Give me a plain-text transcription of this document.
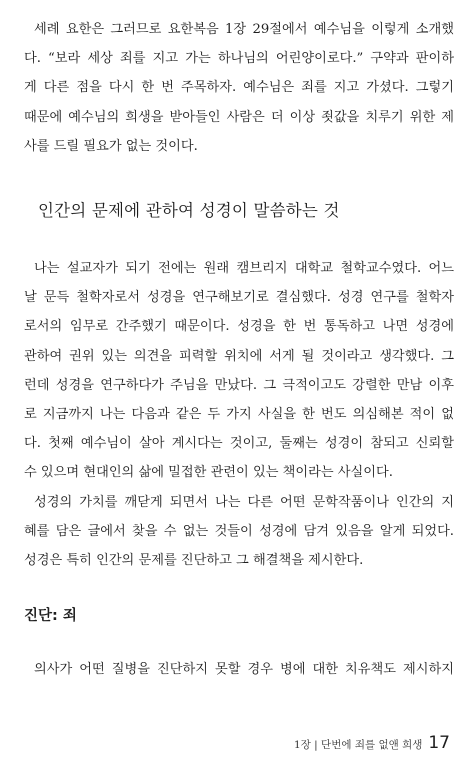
세례 요한은 그러므로 요한복음 1장 29절에서 예수님을 이렇게 소개했
다. “보라 세상 죄를 지고 가는 하나님의 어린양이로다.” 구약과 판이하
게 다른 점을 다시 한 번 주목하자. 예수님은 죄를 지고 가셨다. 그렇기
때문에 예수님의 희생을 받아들인 사람은 더 이상 죗값을 치루기 위한 제
사를 드릴 필요가 없는 것이다.

인간의 문제에 관하여 성경이 말씀하는 것

나는 설교자가 되기 전에는 원래 캠브리지 대학교 철학교수였다. 어느
날 문득 철학자로서 성경을 연구해보기로 결심했다. 성경 연구를 철학자
로서의 임무로 간주했기 때문이다. 성경을 한 번 통독하고 나면 성경에
관하여 권위 있는 의견을 피력할 위치에 서게 될 것이라고 생각했다. 그
런데 성경을 연구하다가 주님을 만났다. 그 극적이고도 강렬한 만남 이후
로 지금까지 나는 다음과 같은 두 가지 사실을 한 번도 의심해본 적이 없
다. 첫째 예수님이 살아 계시다는 것이고, 둘째는 성경이 참되고 신뢰할
수 있으며 현대인의 삶에 밀접한 관련이 있는 책이라는 사실이다.

성경의 가치를 깨닫게 되면서 나는 다른 어떤 문학작품이나 인간의 지
혜를 담은 글에서 찾을 수 없는 것들이 성경에 담겨 있음을 알게 되었다.
성경은 특히 인간의 문제를 진단하고 그 해결책을 제시한다.

진단: 죄

의사가 어떤 질병을 진단하지 못할 경우 병에 대한 치유책도 제시하지

1장 | 단번에 죄를 없앤 희생 17
